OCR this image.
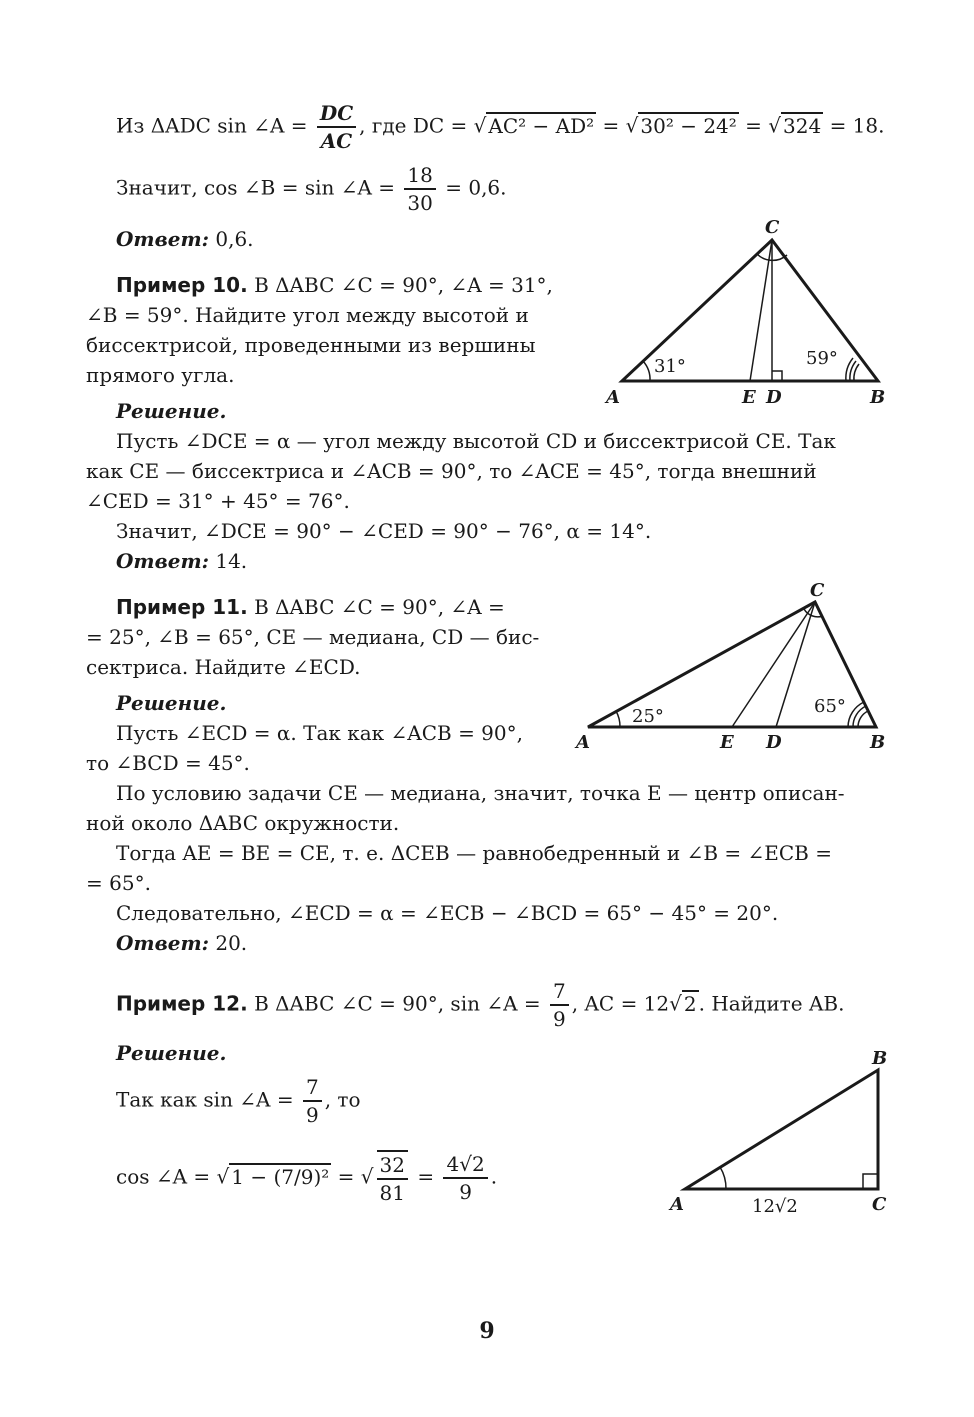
Из ΔADC sin ∠A = $\frac{DC}{AC}$ , где DC = √ AC² − AD² = √ 30² − 24² = √ 324 = 18.
Значит, cos ∠B = sin ∠A = $\frac{18}{30} = 0,6$.
Ответ: 0,6.
Пример 10. В ΔABC ∠C = 90°, ∠A = 31°,
∠B = 59°. Найдите угол между высотой и
биссектрисой, проведенными из вершины
прямого угла.
A	B
C
E D
31°	59°
Решение.
Пусть ∠DCE = α — угол между высотой CD и биссектрисой CE. Так
как CE — биссектриса и ∠ACB = 90°, то ∠ACE = 45°, тогда внешний
∠CED = 31° + 45° = 76°.
Значит, ∠DCE = 90° − ∠CED = 90° − 76°, α = 14°.
Ответ: 14.
Пример 11. В ΔABC ∠C = 90°, ∠A =
= 25°, ∠B = 65°, CE — медиана, CD — бис-
сектриса. Найдите ∠ECD.
Решение.
Пусть ∠ECD = α. Так как ∠ACB = 90°,
то ∠BCD = 45°.
A	B
C
E D
25°	65°
По условию задачи CE — медиана, значит, точка E — центр описан-
ной около ΔABC окружности.
Тогда AE = BE = CE, т. е. ΔCEB — равнобедренный и ∠B = ∠ECB =
= 65°.
Следовательно, ∠ECD = α = ∠ECB − ∠BCD = 65° − 45° = 20°.
Ответ: 20.
Пример 12. В ΔABC ∠C = 90°, sin ∠A = $\frac{7}{9}$ , AC = 12√ 2 . Найдите AB.
Решение.
Так как sin ∠A = $\frac{7}{9}$ , то
cos ∠A = √ 1 − (7/9)² = √ $\frac{32}{81} = \frac{4√2}{9}$ .
A
B
C
12√2
9
